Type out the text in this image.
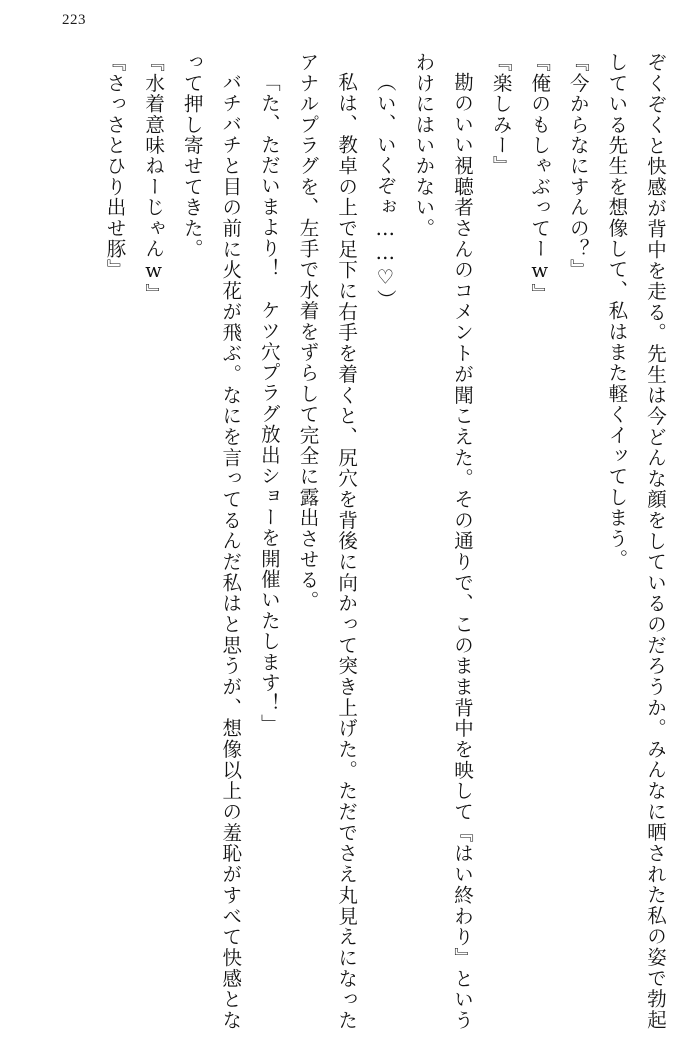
223

ぞくぞくと快感が背中を走る。先生は今どんな顔をしているのだろうか。みんなに晒された私の姿で勃起している先生を想像して、私はまた軽くイッてしまう。

『今からなにすんの？』

『俺のもしゃぶってーw』

『楽しみー』

勘のいい視聴者さんのコメントが聞こえた。その通りで、このまま背中を映して『はい終わり』というわけにはいかない。

（い、いくぞぉ……♡）

私は、教卓の上で足下に右手を着くと、尻穴を背後に向かって突き上げた。ただでさえ丸見えになったアナルプラグを、左手で水着をずらして完全に露出させる。

「た、ただいまより！　ケツ穴プラグ放出ショーを開催いたします！」

バチバチと目の前に火花が飛ぶ。なにを言ってるんだ私はと思うが、想像以上の羞恥がすべて快感となって押し寄せてきた。

『水着意味ねーじゃんw』

『さっさとひり出せ豚』
